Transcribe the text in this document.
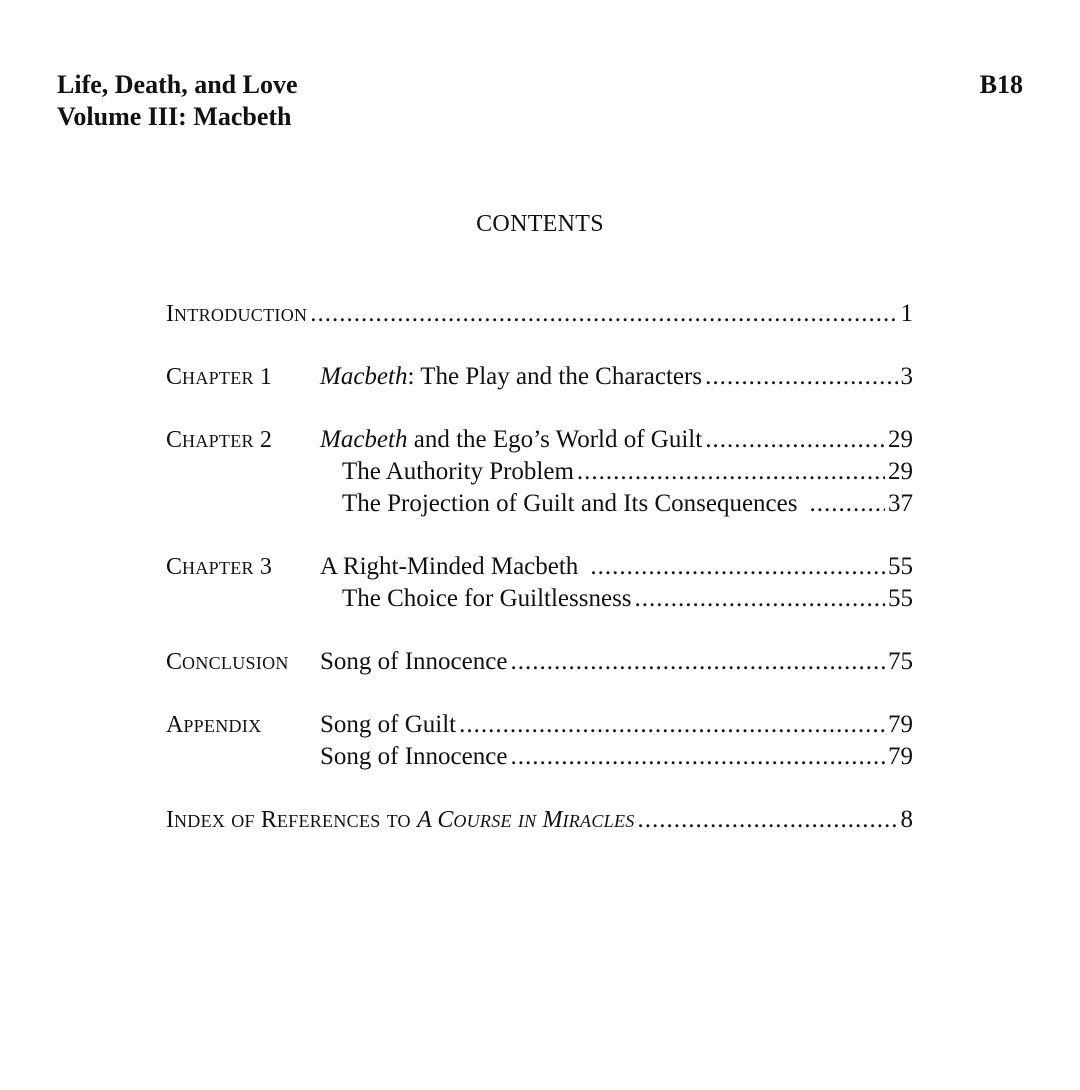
Life, Death, and Love
Volume III: Macbeth
B18
CONTENTS
INTRODUCTION .....	1
CHAPTER 1	Macbeth: The Play and the Characters .....	3
CHAPTER 2	Macbeth and the Ego’s World of Guilt .....	29
The Authority Problem .....	29
The Projection of Guilt and Its Consequences .....	37
CHAPTER 3	A Right-Minded Macbeth .....	55
The Choice for Guiltlessness .....	55
CONCLUSION	Song of Innocence .....	75
APPENDIX	Song of Guilt .....	79
Song of Innocence .....	79
INDEX OF REFERENCES TO A COURSE IN MIRACLES .....	8
